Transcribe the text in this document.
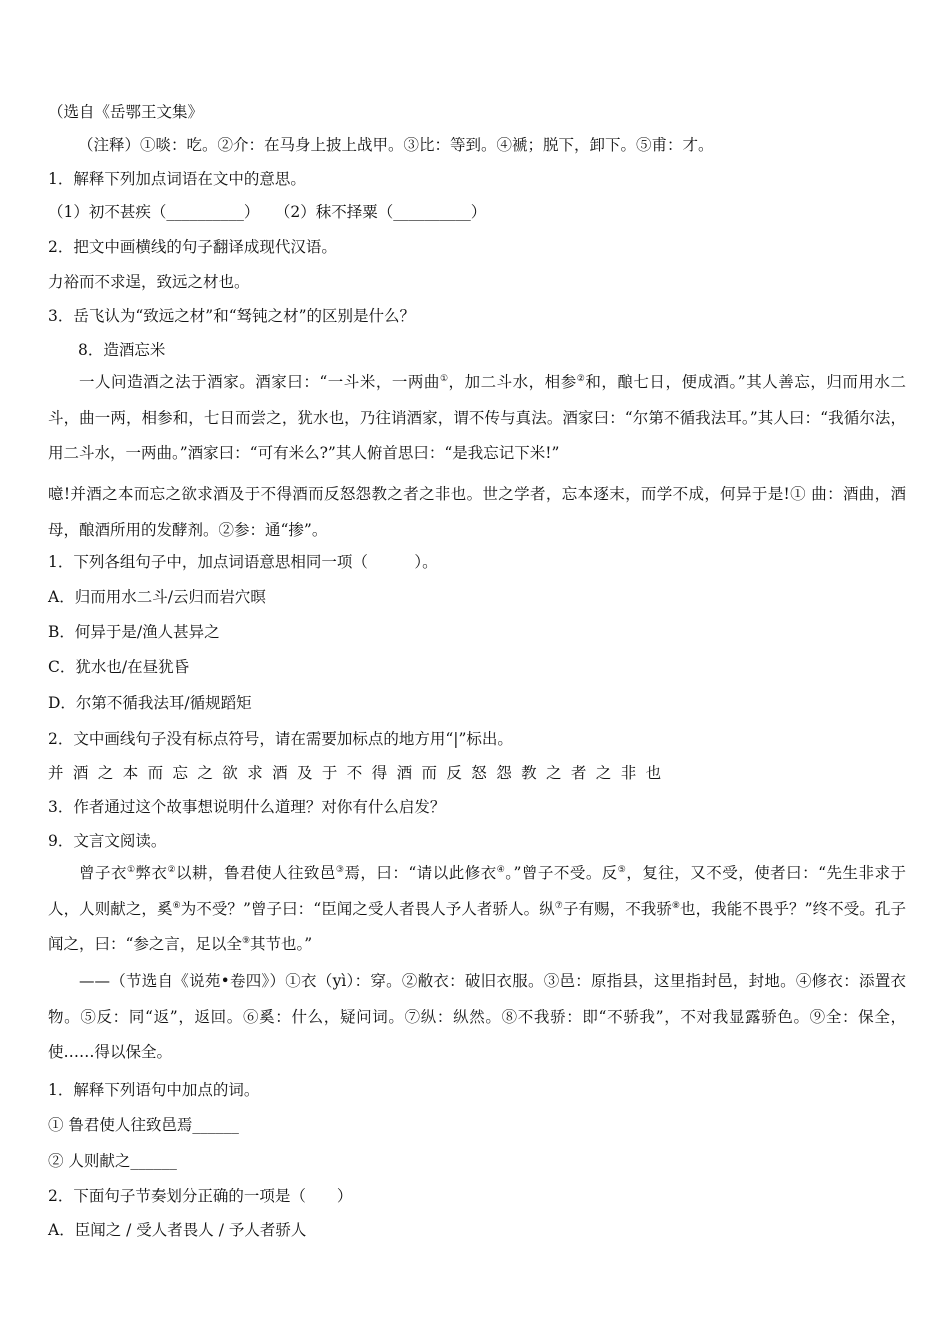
（选自《岳鄂王文集》
（注释）①啖：吃。②介：在马身上披上战甲。③比：等到。④褫；脱下，卸下。⑤甫：才。
1．解释下列加点词语在文中的意思。
（1）初不甚疾（__________）　　（2）秣不择粟（__________）
2．把文中画横线的句子翻译成现代汉语。
力裕而不求逞，致远之材也。
3．岳飞认为“致远之材”和“驽钝之材”的区别是什么？
8．造酒忘米
一人问造酒之法于酒家。酒家曰：“一斗米，一两曲①，加二斗水，相参②和，酿七日，便成酒。”其人善忘，归而用水二斗，曲一两，相参和，七日而尝之，犹水也，乃往诮酒家，谓不传与真法。酒家曰：“尔第不循我法耳。”其人曰：“我循尔法，用二斗水，一两曲。”酒家曰：“可有米么?”其人俯首思曰：“是我忘记下米!”
噫!并酒之本而忘之欲求酒及于不得酒而反怒怨教之者之非也。世之学者，忘本逐末，而学不成，何异于是!① 曲：酒曲，酒母，酿酒所用的发酵剂。②参：通“掺”。
1．下列各组句子中，加点词语意思相同一项（　　　）。
A．归而用水二斗/云归而岩穴暝
B．何异于是/渔人甚异之
C．犹水也/在昼犹昏
D．尔第不循我法耳/循规蹈矩
2．文中画线句子没有标点符号，请在需要加标点的地方用“|”标出。
并酒之本而忘之欲求酒及于不得酒而反怒怨教之者之非也
3．作者通过这个故事想说明什么道理？对你有什么启发？
9．文言文阅读。
曾子衣①弊衣②以耕，鲁君使人往致邑③焉，曰：“请以此修衣④。”曾子不受。反⑤，复往，又不受，使者曰：“先生非求于人，人则献之，奚⑥为不受？”曾子曰：“臣闻之受人者畏人予人者骄人。纵⑦子有赐，不我骄⑧也，我能不畏乎？”终不受。孔子闻之，曰：“参之言，足以全⑨其节也。”
——（节选自《说苑•卷四》）①衣（yì）：穿。②敝衣：破旧衣服。③邑：原指县，这里指封邑，封地。④修衣：添置衣物。⑤反：同“返”，返回。⑥奚：什么，疑问词。⑦纵：纵然。⑧不我骄：即“不骄我”，不对我显露骄色。⑨全：保全，使……得以保全。
1．解释下列语句中加点的词。
① 鲁君使人往致邑焉______
② 人则献之______
2．下面句子节奏划分正确的一项是（　　）
A．臣闻之 / 受人者畏人 / 予人者骄人
